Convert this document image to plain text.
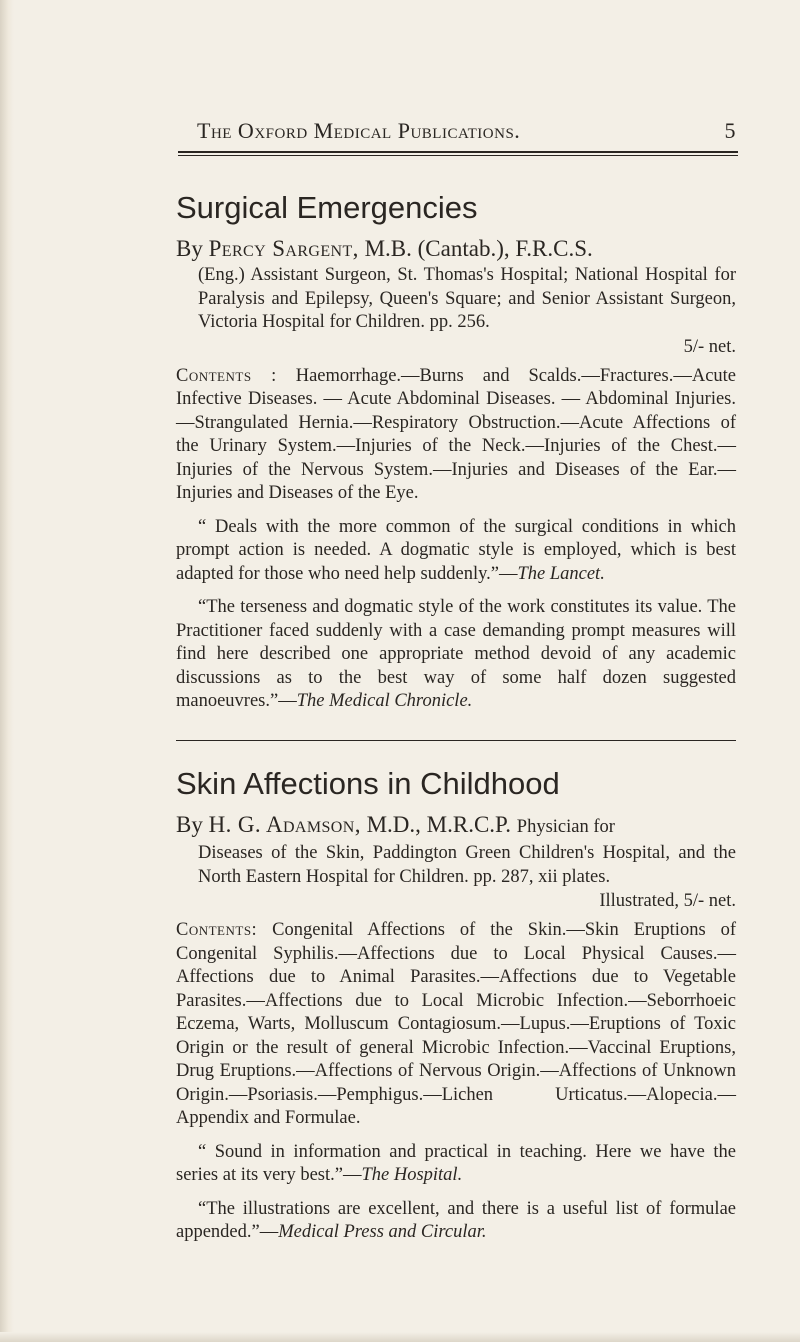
The Oxford Medical Publications.	5
Surgical Emergencies
By Percy Sargent, M.B. (Cantab.), F.R.C.S.
(Eng.) Assistant Surgeon, St. Thomas's Hospital; National Hospital for Paralysis and Epilepsy, Queen's Square; and Senior Assistant Surgeon, Victoria Hospital for Children. pp. 256.
5/- net.
Contents : Haemorrhage.—Burns and Scalds.—Fractures.—Acute Infective Diseases. — Acute Abdominal Diseases. — Abdominal Injuries.—Strangulated Hernia.—Respiratory Obstruction.—Acute Affections of the Urinary System.—Injuries of the Neck.—Injuries of the Chest.—Injuries of the Nervous System.—Injuries and Diseases of the Ear.—Injuries and Diseases of the Eye.
“ Deals with the more common of the surgical conditions in which prompt action is needed. A dogmatic style is employed, which is best adapted for those who need help suddenly.”—The Lancet.
“The terseness and dogmatic style of the work constitutes its value. The Practitioner faced suddenly with a case demanding prompt measures will find here described one appropriate method devoid of any academic discussions as to the best way of some half dozen suggested manoeuvres.”—The Medical Chronicle.
Skin Affections in Childhood
By H. G. Adamson, M.D., M.R.C.P. Physician for
Diseases of the Skin, Paddington Green Children's Hospital, and the North Eastern Hospital for Children. pp. 287, xii plates.
Illustrated, 5/- net.
Contents: Congenital Affections of the Skin.—Skin Eruptions of Congenital Syphilis.—Affections due to Local Physical Causes.—Affections due to Animal Parasites.—Affections due to Vegetable Parasites.—Affections due to Local Microbic Infection.—Seborrhoeic Eczema, Warts, Molluscum Contagiosum.—Lupus.—Eruptions of Toxic Origin or the result of general Microbic Infection.—Vaccinal Eruptions, Drug Eruptions.—Affections of Nervous Origin.—Affections of Unknown Origin.—Psoriasis.—Pemphigus.—Lichen Urticatus.—Alopecia.—Appendix and Formulae.
“ Sound in information and practical in teaching. Here we have the series at its very best.”—The Hospital.
“The illustrations are excellent, and there is a useful list of formulae appended.”—Medical Press and Circular.
